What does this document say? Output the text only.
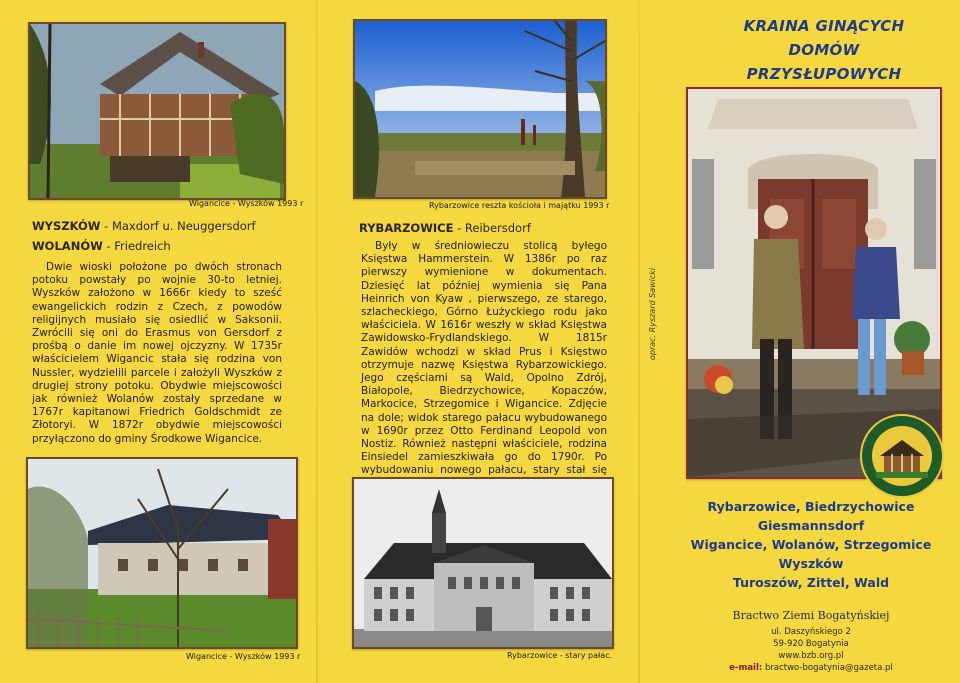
Wigancice - Wyszków 1993 r
WYSZKÓW - Maxdorf u. Neuggersdorf
WOLANÓW - Friedreich

Dwie wioski położone po dwóch stronach potoku powstały po wojnie 30-to letniej. Wyszków założono w 1666r kiedy to sześć ewangelickich rodzin z Czech, z powodów religijnych musiało się osiedlić w Saksonii. Zwrócili się oni do Erasmus von Gersdorf z prośbą o danie im nowej ojczyzny. W 1735r właścicielem Wigancic stała się rodzina von Nussler, wydzielili parcele i założyli Wyszków z drugiej strony potoku. Obydwie miejscowości jak również Wolanów zostały sprzedane w 1767r kapitanowi Friedrich Goldschmidt ze Złotoryi. W 1872r obydwie miejscowości przyłączono do gminy Środkowe Wigancice.

Wigancice - Wyszków 1993 r
Rybarzowice reszta kościoła i majątku 1993 r
RYBARZOWICE - Reibersdorf

Były w średniowieczu stolicą byłego Księstwa Hammerstein. W 1386r po raz pierwszy wymienione w dokumentach. Dziesięć lat później wymienia się Pana Heinrich von Kyaw , pierwszego, ze starego, szlacheckiego, Górno Łużyckiego rodu jako właściciela. W 1616r weszły w skład Księstwa Zawidowsko-Frydlandskiego. W 1815r Zawidów wchodzi w skład Prus i Księstwo otrzymuje nazwę Księstwa Rybarzowickiego. Jego częściami są Wald, Opolno Zdrój, Białopole, Biedrzychowice, Kopaczów, Markocice, Strzegomice i Wigancice. Zdjęcie na dole; widok starego pałacu wybudowanego w 1690r przez Otto Ferdinand Leopold von Nostiz. Również następni właściciele, rodzina Einsiedel zamieszkiwała go do 1790r. Po wybudowaniu nowego pałacu, stary stał się

Rybarzowice - stary pałac.
KRAINA GINĄCYCH DOMÓW
PRZYSŁUPOWYCH
oprac. Ryszard Sawicki
Rybarzowice, Biedrzychowice
Giesmannsdorf
Wigancice, Wolanów, Strzegomice
Wyszków
Turoszów, Zittel, Wald
Bractwo Ziemi Bogatyńskiej
ul. Daszyńskiego 2
59-920 Bogatynia
www.bzb.org.pl
e-mail: bractwo-bogatynia@gazeta.pl
